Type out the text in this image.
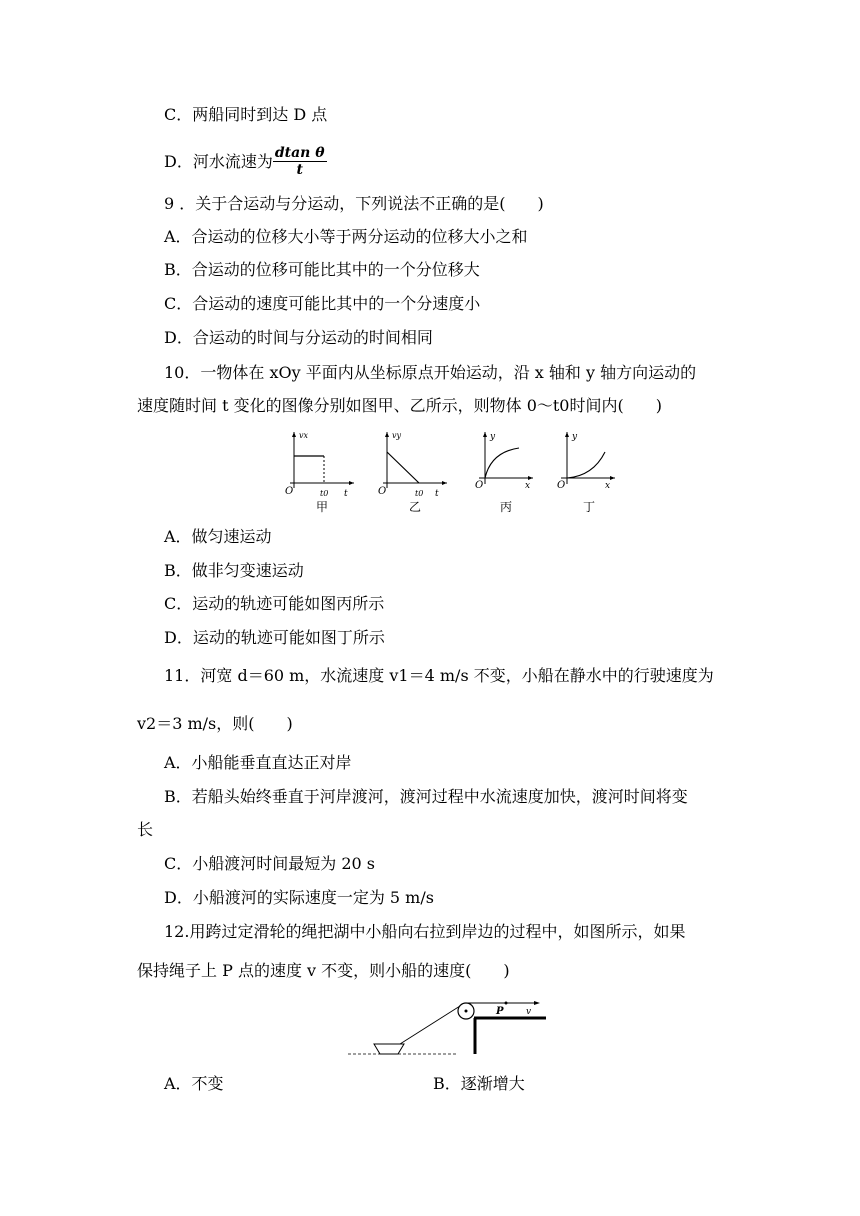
C．两船同时到达 D 点
D．河水流速为 $\frac{\text{dtan θ}}{t}$
9 ．关于合运动与分运动，下列说法不正确的是(　　)
A．合运动的位移大小等于两分运动的位移大小之和
B．合运动的位移可能比其中的一个分位移大
C．合运动的速度可能比其中的一个分速度小
D．合运动的时间与分运动的时间相同
10．一物体在 xOy 平面内从坐标原点开始运动，沿 x 轴和 y 轴方向运动的
速度随时间 t 变化的图像分别如图甲、乙所示，则物体 0～t0时间内(　　)
vx
O	t0 t
甲
vy
O	t0 t
乙
y
O	x
丙
y
O	x
丁
A．做匀速运动
B．做非匀变速运动
C．运动的轨迹可能如图丙所示
D．运动的轨迹可能如图丁所示
11．河宽 d＝60 m，水流速度 v1＝4 m/s 不变，小船在静水中的行驶速度为
v2＝3 m/s，则(　　)
A．小船能垂直直达正对岸
B．若船头始终垂直于河岸渡河，渡河过程中水流速度加快，渡河时间将变
长
C．小船渡河时间最短为 20 s
D．小船渡河的实际速度一定为 5 m/s
12.用跨过定滑轮的绳把湖中小船向右拉到岸边的过程中，如图所示，如果
保持绳子上 P 点的速度 v 不变，则小船的速度(　　)
P v
A．不变	B．逐渐增大
